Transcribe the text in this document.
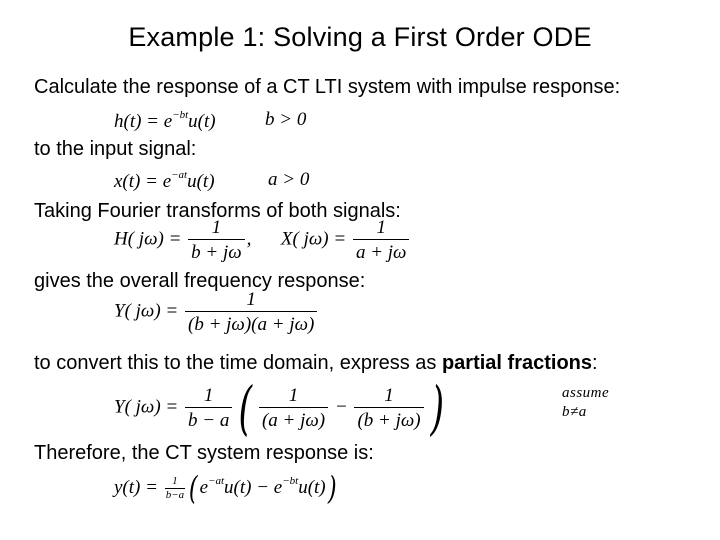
Example 1: Solving a First Order ODE
Calculate the response of a CT LTI system with impulse response:
$h(t) = e^{-bt}u(t)$	b > 0
to the input signal:
$x(t) = e^{-at}u(t)$	a > 0
Taking Fourier transforms of both signals:
H( $j\omega) = \frac{1}{b + j\omega}$ , X( $j\omega) = \frac{1}{a + j\omega}$
gives the overall frequency response:
Y( $j\omega) = \frac{1}{(b + j\omega)(a + j\omega)}$
to convert this to the time domain, express as partial fractions:
assume
b≠a
Y( $j\omega) = \frac{1}{b - a}$ ( $\frac{1}{(a + j\omega)} - \frac{1}{(b + j\omega)}$ )
Therefore, the CT system response is:
$y(t) = \frac{1}{b-a} (e^{-at}u(t) - e^{-bt}u(t))$
